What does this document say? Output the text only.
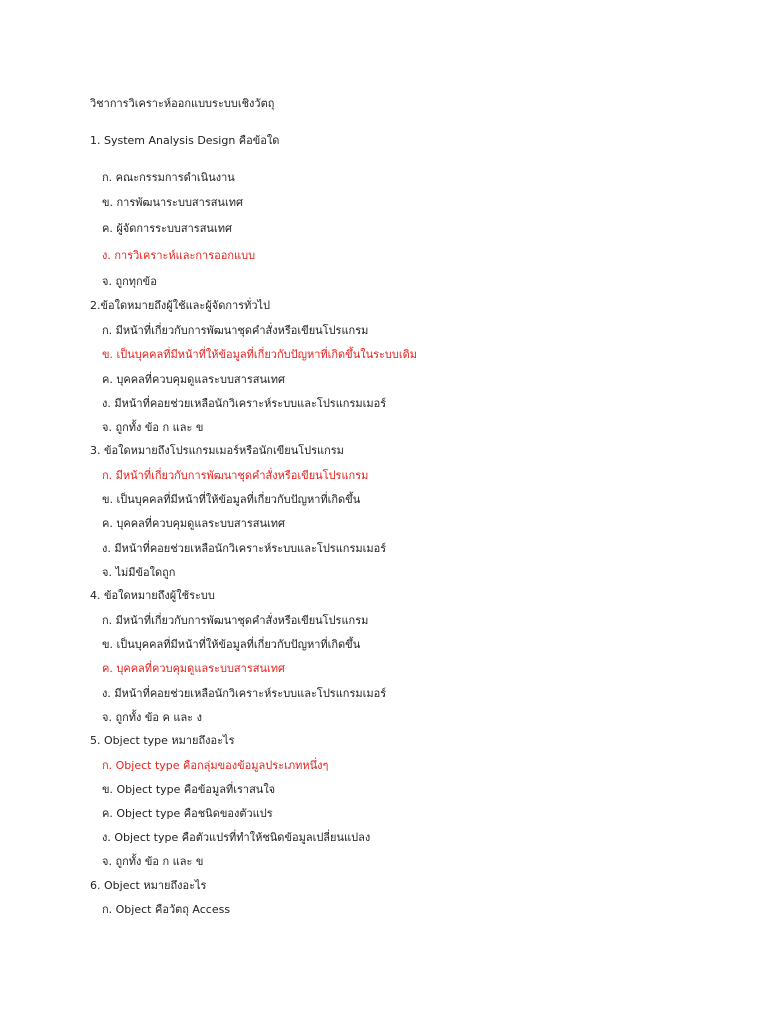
วิชาการวิเคราะห์ออกแบบระบบเชิงวัตถุ
1. System Analysis Design คือข้อใด
ก. คณะกรรมการดำเนินงาน
ข. การพัฒนาระบบสารสนเทศ
ค. ผู้จัดการระบบสารสนเทศ
ง. การวิเคราะห์และการออกแบบ
จ. ถูกทุกข้อ
2.ข้อใดหมายถึงผู้ใช้และผู้จัดการทั่วไป
ก. มีหน้าที่เกี่ยวกับการพัฒนาชุดคำสั่งหรือเขียนโปรแกรม
ข. เป็นบุคคลที่มีหน้าที่ให้ข้อมูลที่เกี่ยวกับปัญหาที่เกิดขึ้นในระบบเดิม
ค. บุคคลที่ควบคุมดูแลระบบสารสนเทศ
ง. มีหน้าที่คอยช่วยเหลือนักวิเคราะห์ระบบและโปรแกรมเมอร์
จ. ถูกทั้ง ข้อ ก และ ข
3. ข้อใดหมายถึงโปรแกรมเมอร์หรือนักเขียนโปรแกรม
ก. มีหน้าที่เกี่ยวกับการพัฒนาชุดคำสั่งหรือเขียนโปรแกรม
ข. เป็นบุคคลที่มีหน้าที่ให้ข้อมูลที่เกี่ยวกับปัญหาที่เกิดขึ้น
ค. บุคคลที่ควบคุมดูแลระบบสารสนเทศ
ง. มีหน้าที่คอยช่วยเหลือนักวิเคราะห์ระบบและโปรแกรมเมอร์
จ. ไม่มีข้อใดถูก
4. ข้อใดหมายถึงผู้ใช้ระบบ
ก. มีหน้าที่เกี่ยวกับการพัฒนาชุดคำสั่งหรือเขียนโปรแกรม
ข. เป็นบุคคลที่มีหน้าที่ให้ข้อมูลที่เกี่ยวกับปัญหาที่เกิดขึ้น
ค. บุคคลที่ควบคุมดูแลระบบสารสนเทศ
ง. มีหน้าที่คอยช่วยเหลือนักวิเคราะห์ระบบและโปรแกรมเมอร์
จ. ถูกทั้ง ข้อ ค และ ง
5. Object type หมายถึงอะไร
ก. Object type คือกลุ่มของข้อมูลประเภทหนึ่งๆ
ข. Object type คือข้อมูลที่เราสนใจ
ค. Object type คือชนิดของตัวแปร
ง. Object type คือตัวแปรที่ทำให้ชนิดข้อมูลเปลี่ยนแปลง
จ. ถูกทั้ง ข้อ ก และ ข
6. Object หมายถึงอะไร
ก. Object คือวัตถุ Access
